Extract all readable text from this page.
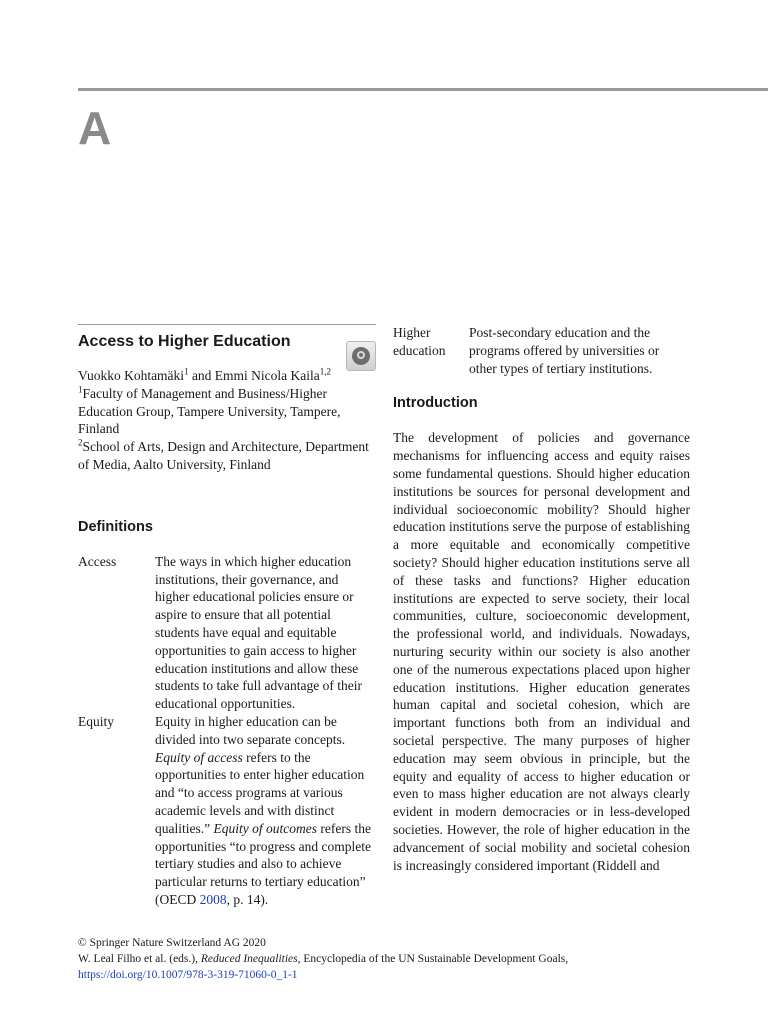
A
Access to Higher Education

Vuokko Kohtamäki$^1$ and Emmi Nicola Kaila$^{1,2}$

$^1$Faculty of Management and Business/Higher Education Group, Tampere University, Tampere, Finland

$^2$School of Arts, Design and Architecture, Department of Media, Aalto University, Finland

Definitions
Access	The ways in which higher education institutions, their governance, and higher educational policies ensure or aspire to ensure that all potential students have equal and equitable opportunities to gain access to higher education institutions and allow these students to take full advantage of their educational opportunities.
Equity	Equity in higher education can be divided into two separate concepts. Equity of access refers to the opportunities to enter higher education and “to access programs at various academic levels and with distinct qualities.” Equity of outcomes refers the opportunities “to progress and complete tertiary studies and also to achieve particular returns to tertiary education” (OECD 2008, p. 14).
Higher education
Post-secondary education and the programs offered by universities or other types of tertiary institutions.
Introduction

The development of policies and governance mechanisms for influencing access and equity raises some fundamental questions. Should higher education institutions be sources for personal development and individual socioeconomic mobility? Should higher education institutions serve the purpose of establishing a more equitable and economically competitive society? Should higher education institutions serve all of these tasks and functions? Higher education institutions are expected to serve society, their local communities, culture, socioeconomic development, the professional world, and individuals. Nowadays, nurturing security within our society is also another one of the numerous expectations placed upon higher education institutions. Higher education generates human capital and societal cohesion, which are important functions both from an individual and societal perspective. The many purposes of higher education may seem obvious in principle, but the equity and equality of access to higher education or even to mass higher education are not always clearly evident in modern democracies or in less-developed societies. However, the role of higher education in the advancement of social mobility and societal cohesion is increasingly considered important (Riddell and

© Springer Nature Switzerland AG 2020

W. Leal Filho et al. (eds.), Reduced Inequalities, Encyclopedia of the UN Sustainable Development Goals,

https://doi.org/10.1007/978-3-319-71060-0_1-1
